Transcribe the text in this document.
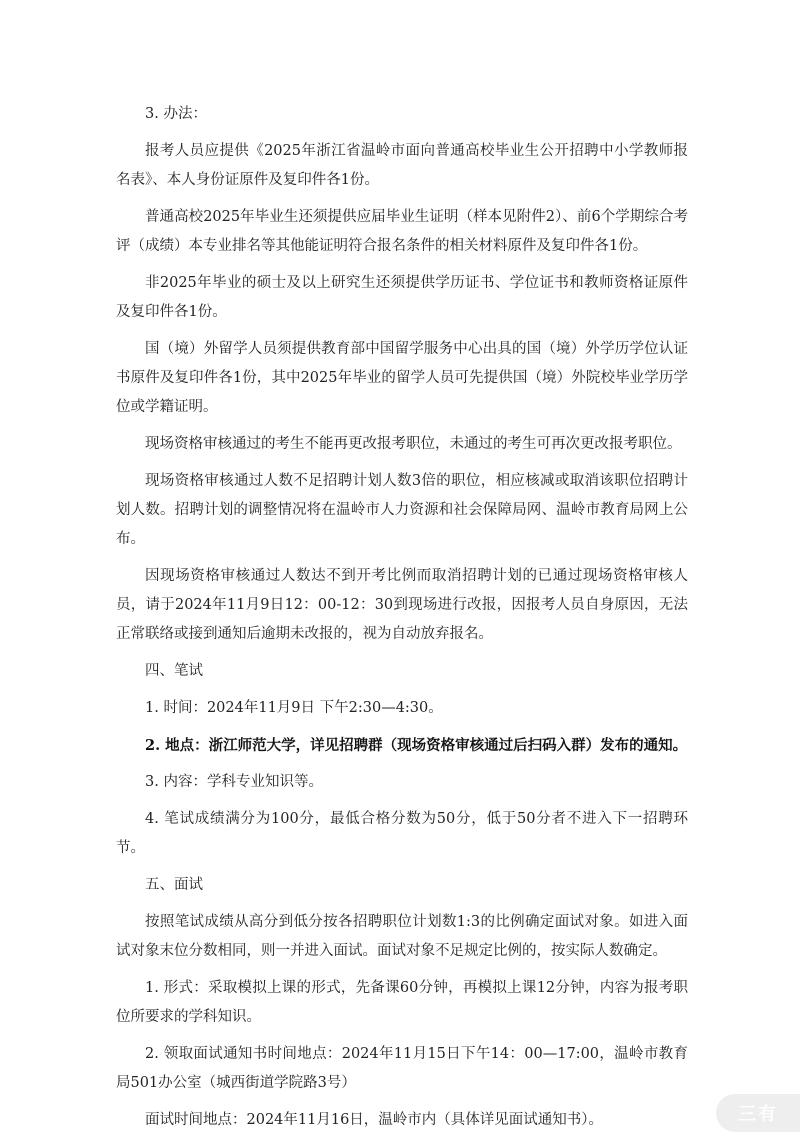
3. 办法：

报考人员应提供《2025年浙江省温岭市面向普通高校毕业生公开招聘中小学教师报名表》、本人身份证原件及复印件各1份。

普通高校2025年毕业生还须提供应届毕业生证明（样本见附件2）、前6个学期综合考评（成绩）本专业排名等其他能证明符合报名条件的相关材料原件及复印件各1份。

非2025年毕业的硕士及以上研究生还须提供学历证书、学位证书和教师资格证原件及复印件各1份。

国（境）外留学人员须提供教育部中国留学服务中心出具的国（境）外学历学位认证书原件及复印件各1份，其中2025年毕业的留学人员可先提供国（境）外院校毕业学历学位或学籍证明。

现场资格审核通过的考生不能再更改报考职位，未通过的考生可再次更改报考职位。

现场资格审核通过人数不足招聘计划人数3倍的职位，相应核减或取消该职位招聘计划人数。招聘计划的调整情况将在温岭市人力资源和社会保障局网、温岭市教育局网上公布。

因现场资格审核通过人数达不到开考比例而取消招聘计划的已通过现场资格审核人员，请于2024年11月9日12：00-12：30到现场进行改报，因报考人员自身原因，无法正常联络或接到通知后逾期未改报的，视为自动放弃报名。

四、笔试

1. 时间：2024年11月9日 下午2:30—4:30。

2. 地点：浙江师范大学，详见招聘群（现场资格审核通过后扫码入群）发布的通知。

3. 内容：学科专业知识等。

4. 笔试成绩满分为100分，最低合格分数为50分，低于50分者不进入下一招聘环节。

五、面试

按照笔试成绩从高分到低分按各招聘职位计划数1:3的比例确定面试对象。如进入面试对象末位分数相同，则一并进入面试。面试对象不足规定比例的，按实际人数确定。

1. 形式：采取模拟上课的形式，先备课60分钟，再模拟上课12分钟，内容为报考职位所要求的学科知识。

2. 领取面试通知书时间地点：2024年11月15日下午14：00—17:00，温岭市教育局501办公室（城西街道学院路3号）

面试时间地点：2024年11月16日，温岭市内（具体详见面试通知书）。	三有
